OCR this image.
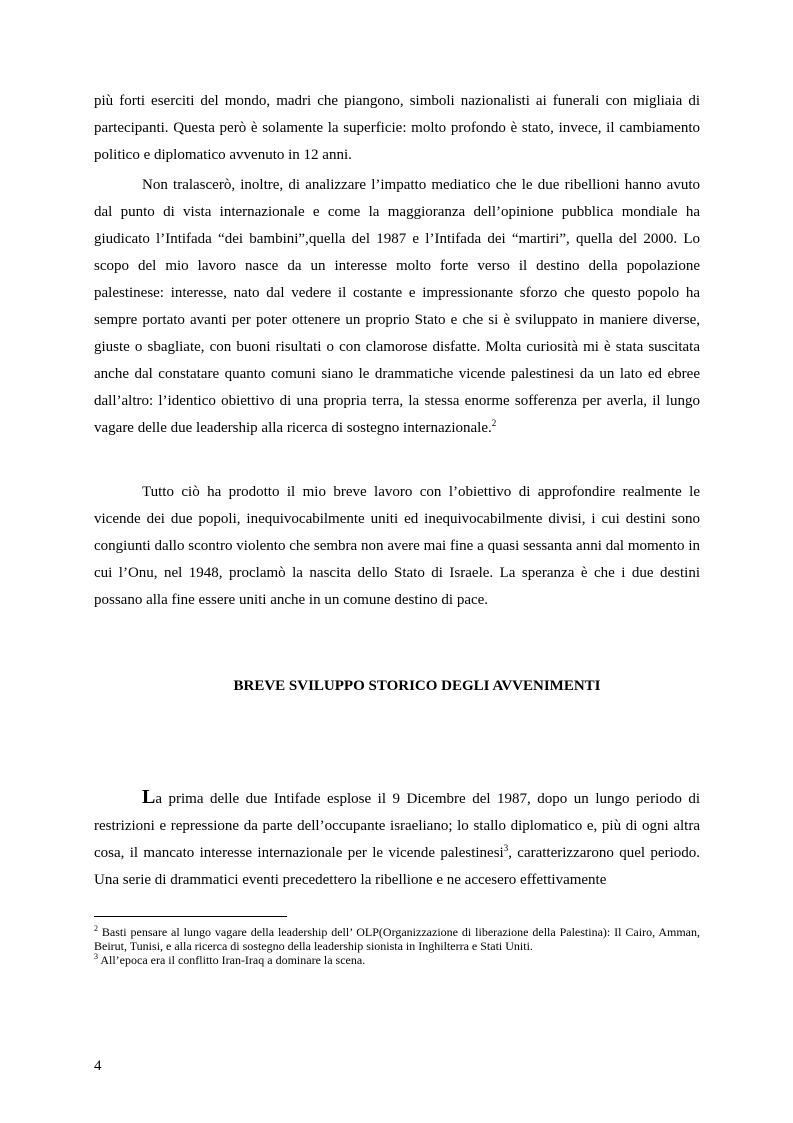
più forti eserciti del mondo, madri che piangono, simboli nazionalisti ai funerali con migliaia di partecipanti. Questa però è solamente la superficie: molto profondo è stato, invece, il cambiamento politico e diplomatico avvenuto in 12 anni.

Non tralascerò, inoltre, di analizzare l’impatto mediatico che le due ribellioni hanno avuto dal punto di vista internazionale e come la maggioranza dell’opinione pubblica mondiale ha giudicato l’Intifada “dei bambini”,quella del 1987 e l’Intifada dei “martiri”, quella del 2000. Lo scopo del mio lavoro nasce da un interesse molto forte verso il destino della popolazione palestinese: interesse, nato dal vedere il costante e impressionante sforzo che questo popolo ha sempre portato avanti per poter ottenere un proprio Stato e che si è sviluppato in maniere diverse, giuste o sbagliate, con buoni risultati o con clamorose disfatte. Molta curiosità mi è stata suscitata anche dal constatare quanto comuni siano le drammatiche vicende palestinesi da un lato ed ebree dall’altro: l’identico obiettivo di una propria terra, la stessa enorme sofferenza per averla, il lungo vagare delle due leadership alla ricerca di sostegno internazionale.$^2$

Tutto ciò ha prodotto il mio breve lavoro con l’obiettivo di approfondire realmente le vicende dei due popoli, inequivocabilmente uniti ed inequivocabilmente divisi, i cui destini sono congiunti dallo scontro violento che sembra non avere mai fine a quasi sessanta anni dal momento in cui l’Onu, nel 1948, proclamò la nascita dello Stato di Israele. La speranza è che i due destini possano alla fine essere uniti anche in un comune destino di pace.

BREVE SVILUPPO STORICO DEGLI AVVENIMENTI

La prima delle due Intifade esplose il 9 Dicembre del 1987, dopo un lungo periodo di restrizioni e repressione da parte dell’occupante israeliano; lo stallo diplomatico e, più di ogni altra cosa, il mancato interesse internazionale per le vicende palestinesi$^3$, caratterizzarono quel periodo. Una serie di drammatici eventi precedettero la ribellione e ne accesero effettivamente

$^2$ Basti pensare al lungo vagare della leadership dell’ OLP(Organizzazione di liberazione della Palestina): Il Cairo, Amman, Beirut, Tunisi, e alla ricerca di sostegno della leadership sionista in Inghilterra e Stati Uniti.

$^3$ All’epoca era il conflitto Iran-Iraq a dominare la scena.

4
